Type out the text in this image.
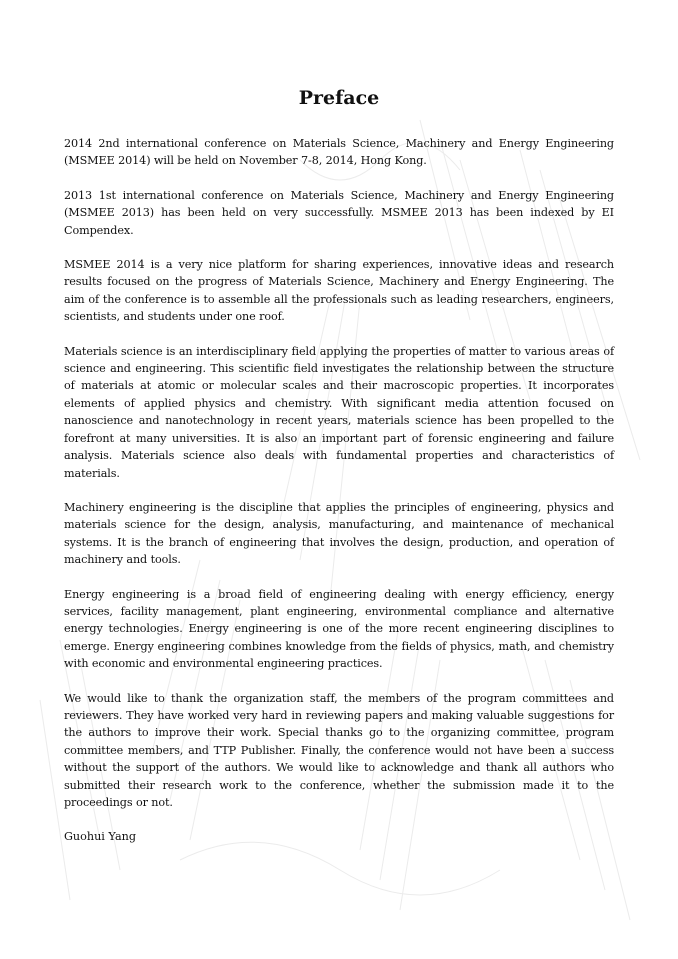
Preface

2014 2nd international conference on Materials Science, Machinery and Energy Engineering (MSMEE 2014) will be held on November 7-8, 2014, Hong Kong.

2013 1st international conference on Materials Science, Machinery and Energy Engineering (MSMEE 2013) has been held on very successfully. MSMEE 2013 has been indexed by EI Compendex.

MSMEE 2014 is a very nice platform for sharing experiences, innovative ideas and research results focused on the progress of Materials Science, Machinery and Energy Engineering. The aim of the conference is to assemble all the professionals such as leading researchers, engineers, scientists, and students under one roof.

Materials science is an interdisciplinary field applying the properties of matter to various areas of science and engineering. This scientific field investigates the relationship between the structure of materials at atomic or molecular scales and their macroscopic properties. It incorporates elements of applied physics and chemistry. With significant media attention focused on nanoscience and nanotechnology in recent years, materials science has been propelled to the forefront at many universities. It is also an important part of forensic engineering and failure analysis. Materials science also deals with fundamental properties and characteristics of materials.

Machinery engineering is the discipline that applies the principles of engineering, physics and materials science for the design, analysis, manufacturing, and maintenance of mechanical systems. It is the branch of engineering that involves the design, production, and operation of machinery and tools.

Energy engineering is a broad field of engineering dealing with energy efficiency, energy services, facility management, plant engineering, environmental compliance and alternative energy technologies. Energy engineering is one of the more recent engineering disciplines to emerge. Energy engineering combines knowledge from the fields of physics, math, and chemistry with economic and environmental engineering practices.

We would like to thank the organization staff, the members of the program committees and reviewers. They have worked very hard in reviewing papers and making valuable suggestions for the authors to improve their work. Special thanks go to the organizing committee, program committee members, and TTP Publisher. Finally, the conference would not have been a success without the support of the authors. We would like to acknowledge and thank all authors who submitted their research work to the conference, whether the submission made it to the proceedings or not.

Guohui Yang
